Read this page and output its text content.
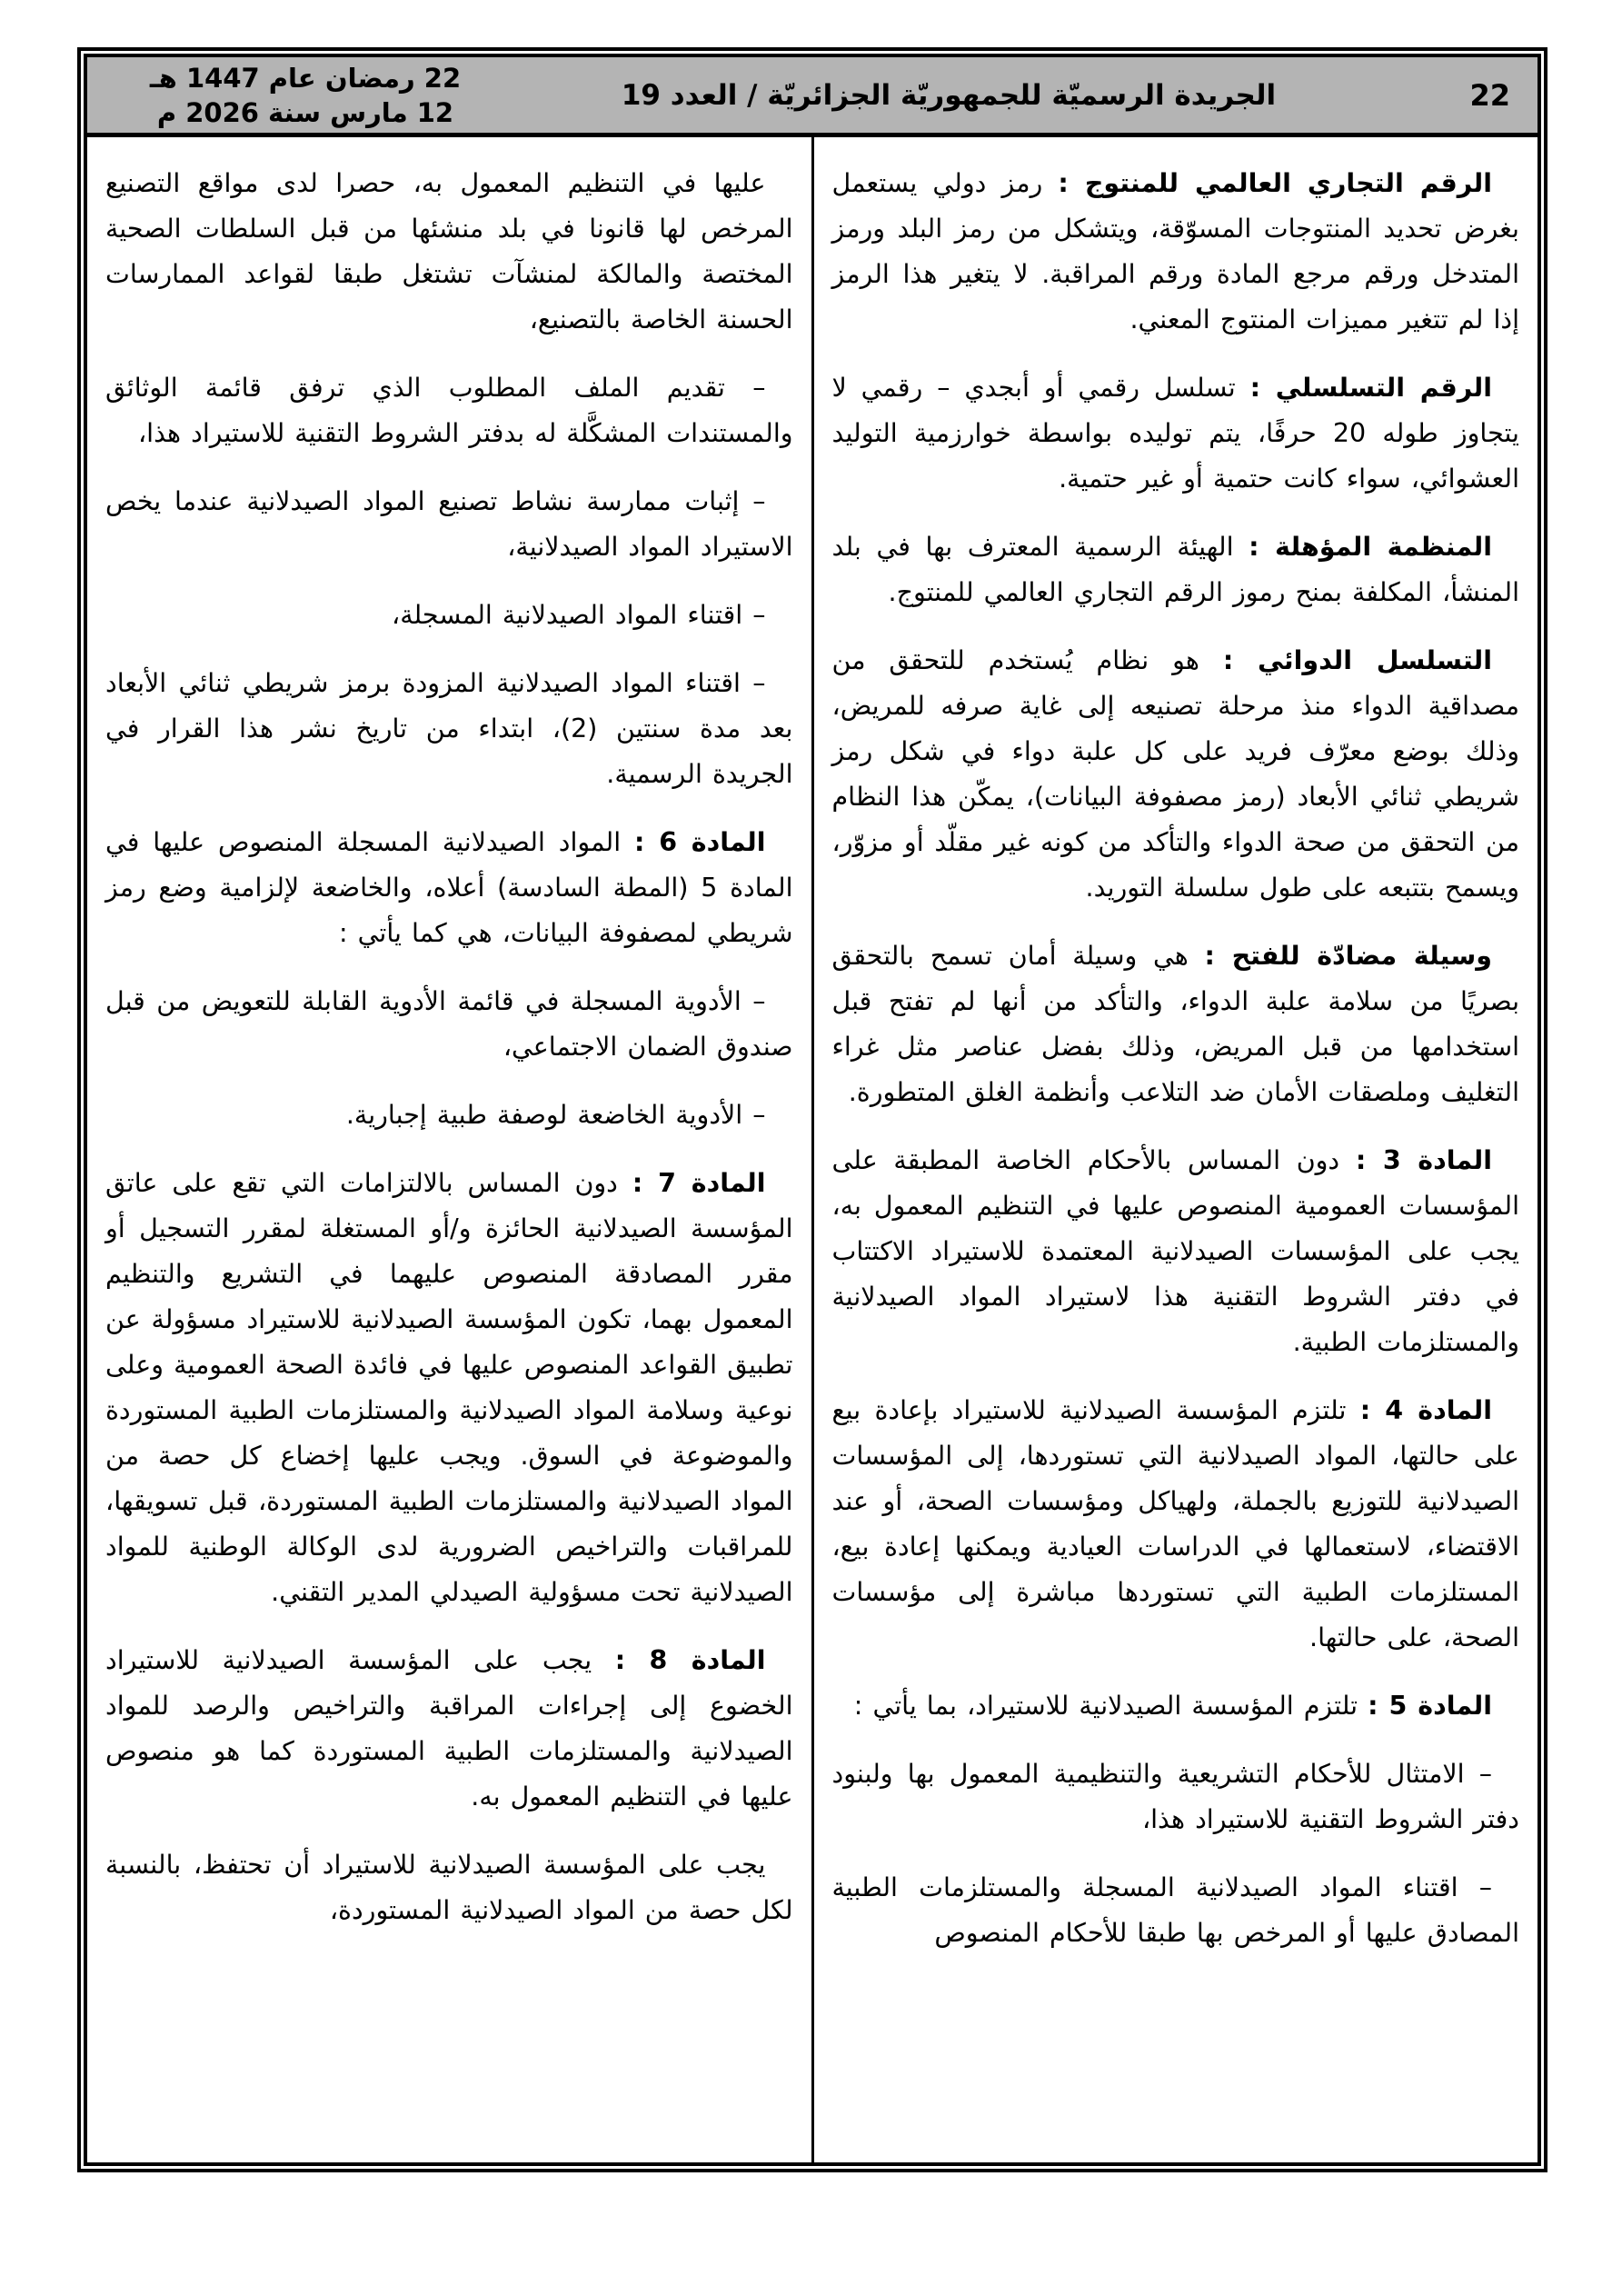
22
الجريدة الرسميّة للجمهوريّة الجزائريّة / العدد 19
22 رمضان عام 1447 هـ
12 مارس سنة 2026 م

الرقم التجاري العالمي للمنتوج : رمز دولي يستعمل بغرض تحديد المنتوجات المسوّقة، ويتشكل من رمز البلد ورمز المتدخل ورقم مرجع المادة ورقم المراقبة. لا يتغير هذا الرمز إذا لم تتغير مميزات المنتوج المعني.

الرقم التسلسلي : تسلسل رقمي أو أبجدي – رقمي لا يتجاوز طوله 20 حرفًا، يتم توليده بواسطة خوارزمية التوليد العشوائي، سواء كانت حتمية أو غير حتمية.

المنظمة المؤهلة : الهيئة الرسمية المعترف بها في بلد المنشأ، المكلفة بمنح رموز الرقم التجاري العالمي للمنتوج.

التسلسل الدوائي : هو نظام يُستخدم للتحقق من مصداقية الدواء منذ مرحلة تصنيعه إلى غاية صرفه للمريض، وذلك بوضع معرّف فريد على كل علبة دواء في شكل رمز شريطي ثنائي الأبعاد (رمز مصفوفة البيانات)، يمكّن هذا النظام من التحقق من صحة الدواء والتأكد من كونه غير مقلّد أو مزوّر، ويسمح بتتبعه على طول سلسلة التوريد.

وسيلة مضادّة للفتح : هي وسيلة أمان تسمح بالتحقق بصريًا من سلامة علبة الدواء، والتأكد من أنها لم تفتح قبل استخدامها من قبل المريض، وذلك بفضل عناصر مثل غراء التغليف وملصقات الأمان ضد التلاعب وأنظمة الغلق المتطورة.

المادة 3 : دون المساس بالأحكام الخاصة المطبقة على المؤسسات العمومية المنصوص عليها في التنظيم المعمول به، يجب على المؤسسات الصيدلانية المعتمدة للاستيراد الاكتتاب في دفتر الشروط التقنية هذا لاستيراد المواد الصيدلانية والمستلزمات الطبية.

المادة 4 : تلتزم المؤسسة الصيدلانية للاستيراد بإعادة بيع على حالتها، المواد الصيدلانية التي تستوردها، إلى المؤسسات الصيدلانية للتوزيع بالجملة، ولهياكل ومؤسسات الصحة، أو عند الاقتضاء، لاستعمالها في الدراسات العيادية ويمكنها إعادة بيع، المستلزمات الطبية التي تستوردها مباشرة إلى مؤسسات الصحة، على حالتها.

المادة 5 : تلتزم المؤسسة الصيدلانية للاستيراد، بما يأتي :

– الامتثال للأحكام التشريعية والتنظيمية المعمول بها ولبنود دفتر الشروط التقنية للاستيراد هذا،

– اقتناء المواد الصيدلانية المسجلة والمستلزمات الطبية المصادق عليها أو المرخص بها طبقا للأحكام المنصوص

عليها في التنظيم المعمول به، حصرا لدى مواقع التصنيع المرخص لها قانونا في بلد منشئها من قبل السلطات الصحية المختصة والمالكة لمنشآت تشتغل طبقا لقواعد الممارسات الحسنة الخاصة بالتصنيع،

– تقديم الملف المطلوب الذي ترفق قائمة الوثائق والمستندات المشكَّلة له بدفتر الشروط التقنية للاستيراد هذا،

– إثبات ممارسة نشاط تصنيع المواد الصيدلانية عندما يخص الاستيراد المواد الصيدلانية،

– اقتناء المواد الصيدلانية المسجلة،

– اقتناء المواد الصيدلانية المزودة برمز شريطي ثنائي الأبعاد بعد مدة سنتين (2)، ابتداء من تاريخ نشر هذا القرار في الجريدة الرسمية.

المادة 6 : المواد الصيدلانية المسجلة المنصوص عليها في المادة 5 (المطة السادسة) أعلاه، والخاضعة لإلزامية وضع رمز شريطي لمصفوفة البيانات، هي كما يأتي :

– الأدوية المسجلة في قائمة الأدوية القابلة للتعويض من قبل صندوق الضمان الاجتماعي،

– الأدوية الخاضعة لوصفة طبية إجبارية.

المادة 7 : دون المساس بالالتزامات التي تقع على عاتق المؤسسة الصيدلانية الحائزة و/أو المستغلة لمقرر التسجيل أو مقرر المصادقة المنصوص عليهما في التشريع والتنظيم المعمول بهما، تكون المؤسسة الصيدلانية للاستيراد مسؤولة عن تطبيق القواعد المنصوص عليها في فائدة الصحة العمومية وعلى نوعية وسلامة المواد الصيدلانية والمستلزمات الطبية المستوردة والموضوعة في السوق. ويجب عليها إخضاع كل حصة من المواد الصيدلانية والمستلزمات الطبية المستوردة، قبل تسويقها، للمراقبات والتراخيص الضرورية لدى الوكالة الوطنية للمواد الصيدلانية تحت مسؤولية الصيدلي المدير التقني.

المادة 8 : يجب على المؤسسة الصيدلانية للاستيراد الخضوع إلى إجراءات المراقبة والتراخيص والرصد للمواد الصيدلانية والمستلزمات الطبية المستوردة كما هو منصوص عليها في التنظيم المعمول به.

يجب على المؤسسة الصيدلانية للاستيراد أن تحتفظ، بالنسبة لكل حصة من المواد الصيدلانية المستوردة،
